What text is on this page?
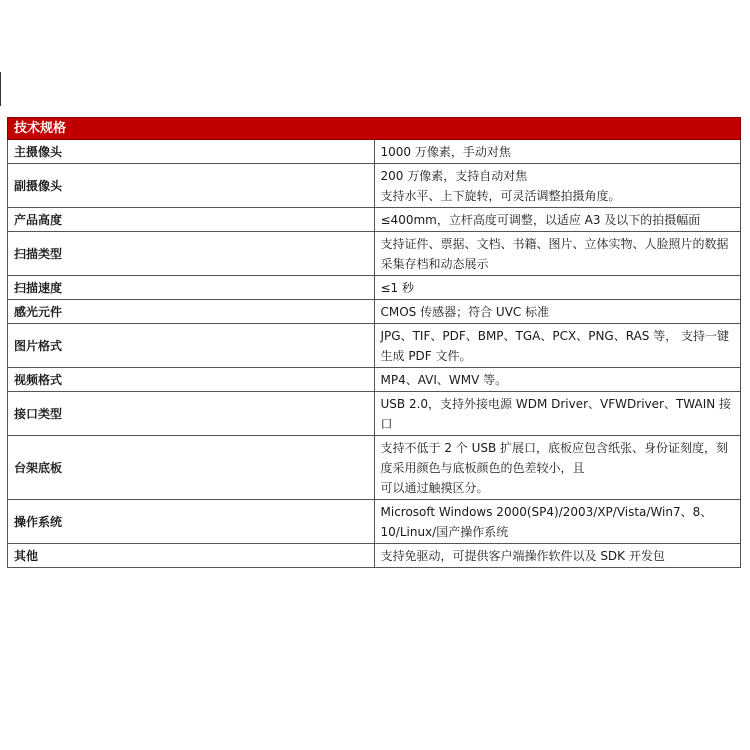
技术规格	
主摄像头	1000 万像素，手动对焦

副摄像头	200 万像素，支持自动对焦
支持水平、上下旋转，可灵活调整拍摄角度。

产品高度	≤400mm，立杆高度可调整，以适应 A3 及以下的拍摄幅面

扫描类型	支持证件、票据、文档、书籍、图片、立体实物、人脸照片的数据采集存档和动态展示

扫描速度	≤1 秒

感光元件	CMOS 传感器；符合 UVC 标准

图片格式	JPG、TIF、PDF、BMP、TGA、PCX、PNG、RAS 等， 支持一键生成 PDF 文件。

视频格式	MP4、AVI、WMV 等。

接口类型	USB 2.0，支持外接电源 WDM Driver、VFWDriver、TWAIN 接口

台架底板	支持不低于 2 个 USB 扩展口，底板应包含纸张、身份证刻度，刻度采用颜色与底板颜色的色差较小，且
可以通过触摸区分。

操作系统	Microsoft Windows 2000(SP4)/2003/XP/Vista/Win7、8、10/Linux/国产操作系统

其他	支持免驱动，可提供客户端操作软件以及 SDK 开发包
